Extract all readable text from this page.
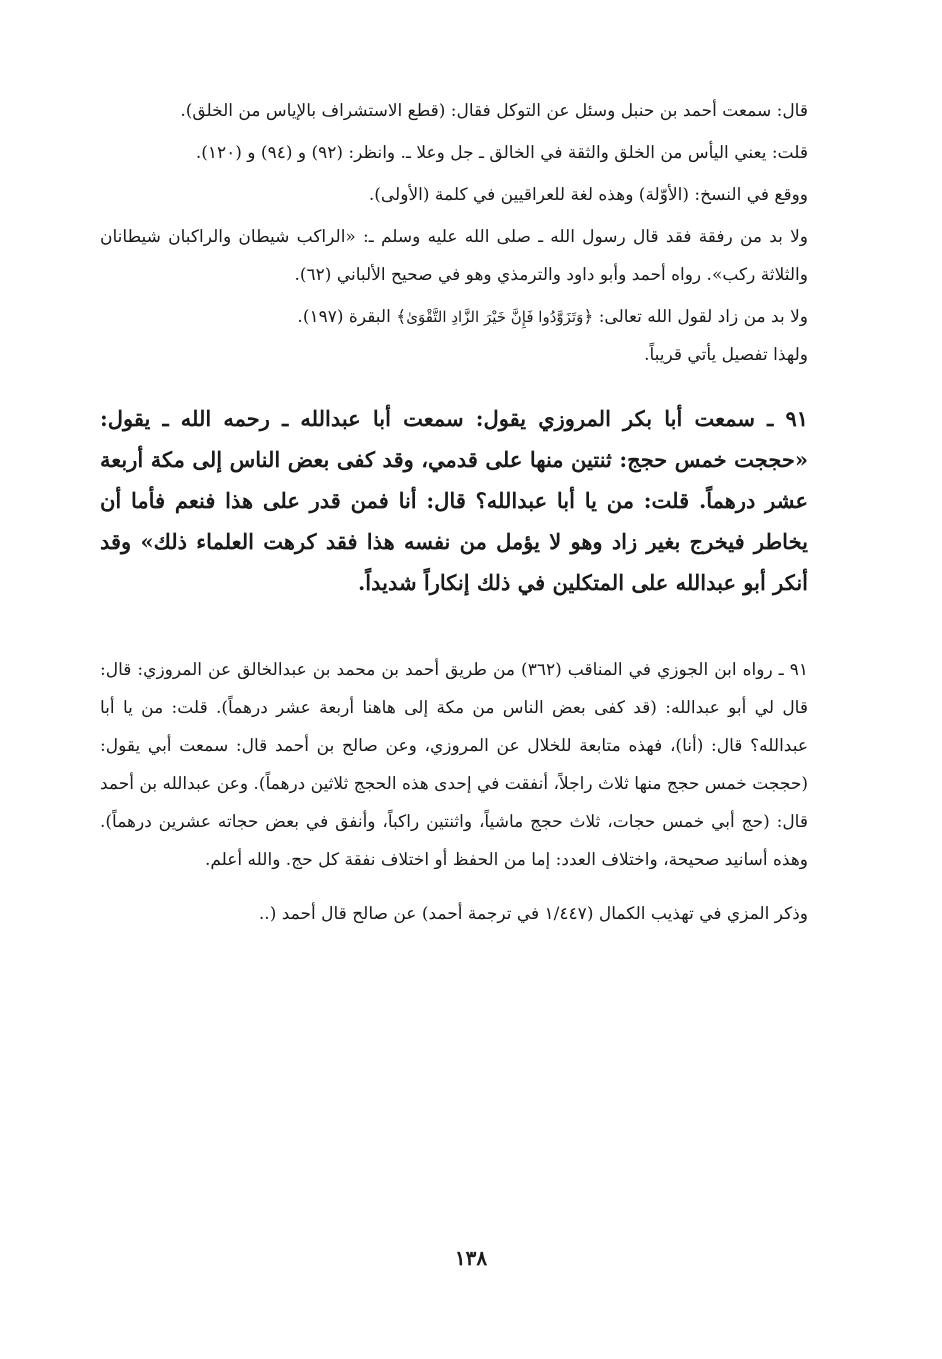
قال: سمعت أحمد بن حنبل وسئل عن التوكل فقال: (قطع الاستشراف بالإياس من الخلق).

قلت: يعني اليأس من الخلق والثقة في الخالق ـ جل وعلا ـ. وانظر: (٩٢) و (٩٤) و (١٢٠).

ووقع في النسخ: (الأوّلة) وهذه لغة للعراقيين في كلمة (الأولى).

ولا بد من رفقة فقد قال رسول الله ـ صلى الله عليه وسلم ـ: «الراكب شيطان والراكبان شيطانان والثلاثة ركب». رواه أحمد وأبو داود والترمذي وهو في صحيح الألباني (٦٢).

ولا بد من زاد لقول الله تعالى: ﴿وَتَزَوَّدُوا فَإِنَّ خَيْرَ الزَّادِ التَّقْوَىٰ﴾ البقرة (١٩٧).

ولهذا تفصيل يأتي قريباً.

٩١ ـ سمعت أبا بكر المروزي يقول: سمعت أبا عبدالله ـ رحمه الله ـ يقول: «حججت خمس حجج: ثنتين منها على قدمي، وقد كفى بعض الناس إلى مكة أربعة عشر درهماً. قلت: من يا أبا عبدالله؟ قال: أنا فمن قدر على هذا فنعم فأما أن يخاطر فيخرج بغير زاد وهو لا يؤمل من نفسه هذا فقد كرهت العلماء ذلك» وقد أنكر أبو عبدالله على المتكلين في ذلك إنكاراً شديداً.

٩١ ـ رواه ابن الجوزي في المناقب (٣٦٢) من طريق أحمد بن محمد بن عبدالخالق عن المروزي: قال: قال لي أبو عبدالله: (قد كفى بعض الناس من مكة إلى هاهنا أربعة عشر درهماً). قلت: من يا أبا عبدالله؟ قال: (أنا)، فهذه متابعة للخلال عن المروزي، وعن صالح بن أحمد قال: سمعت أبي يقول: (حججت خمس حجج منها ثلاث راجلاً، أنفقت في إحدى هذه الحجج ثلاثين درهماً). وعن عبدالله بن أحمد قال: (حج أبي خمس حجات، ثلاث حجج ماشياً، واثنتين راكباً، وأنفق في بعض حجاته عشرين درهماً). وهذه أسانيد صحيحة، واختلاف العدد: إما من الحفظ أو اختلاف نفقة كل حج. والله أعلم.

وذكر المزي في تهذيب الكمال (١/٤٤٧ في ترجمة أحمد) عن صالح قال أحمد (..

١٣٨
